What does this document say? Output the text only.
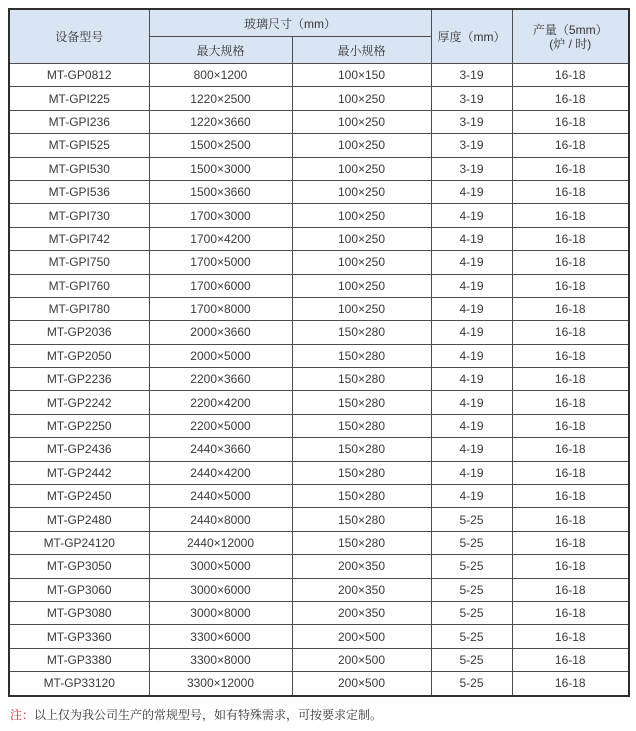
设备型号	玻璃尺寸（mm）		厚度（mm）	产量（5mm）
(炉 / 时)
	最大规格	最小规格		
MT-GP0812	800×1200	100×150	3-19	16-18
MT-GPI225	1220×2500	100×250	3-19	16-18
MT-GPI236	1220×3660	100×250	3-19	16-18
MT-GPI525	1500×2500	100×250	3-19	16-18
MT-GPI530	1500×3000	100×250	3-19	16-18
MT-GPI536	1500×3660	100×250	4-19	16-18
MT-GPI730	1700×3000	100×250	4-19	16-18
MT-GPI742	1700×4200	100×250	4-19	16-18
MT-GPI750	1700×5000	100×250	4-19	16-18
MT-GPI760	1700×6000	100×250	4-19	16-18
MT-GPI780	1700×8000	100×250	4-19	16-18
MT-GP2036	2000×3660	150×280	4-19	16-18
MT-GP2050	2000×5000	150×280	4-19	16-18
MT-GP2236	2200×3660	150×280	4-19	16-18
MT-GP2242	2200×4200	150×280	4-19	16-18
MT-GP2250	2200×5000	150×280	4-19	16-18
MT-GP2436	2440×3660	150×280	4-19	16-18
MT-GP2442	2440×4200	150×280	4-19	16-18
MT-GP2450	2440×5000	150×280	4-19	16-18
MT-GP2480	2440×8000	150×280	5-25	16-18
MT-GP24120	2440×12000	150×280	5-25	16-18
MT-GP3050	3000×5000	200×350	5-25	16-18
MT-GP3060	3000×6000	200×350	5-25	16-18
MT-GP3080	3000×8000	200×350	5-25	16-18
MT-GP3360	3300×6000	200×500	5-25	16-18
MT-GP3380	3300×8000	200×500	5-25	16-18
MT-GP33120	3300×12000	200×500	5-25	16-18

注：以上仅为我公司生产的常规型号，如有特殊需求，可按要求定制。
